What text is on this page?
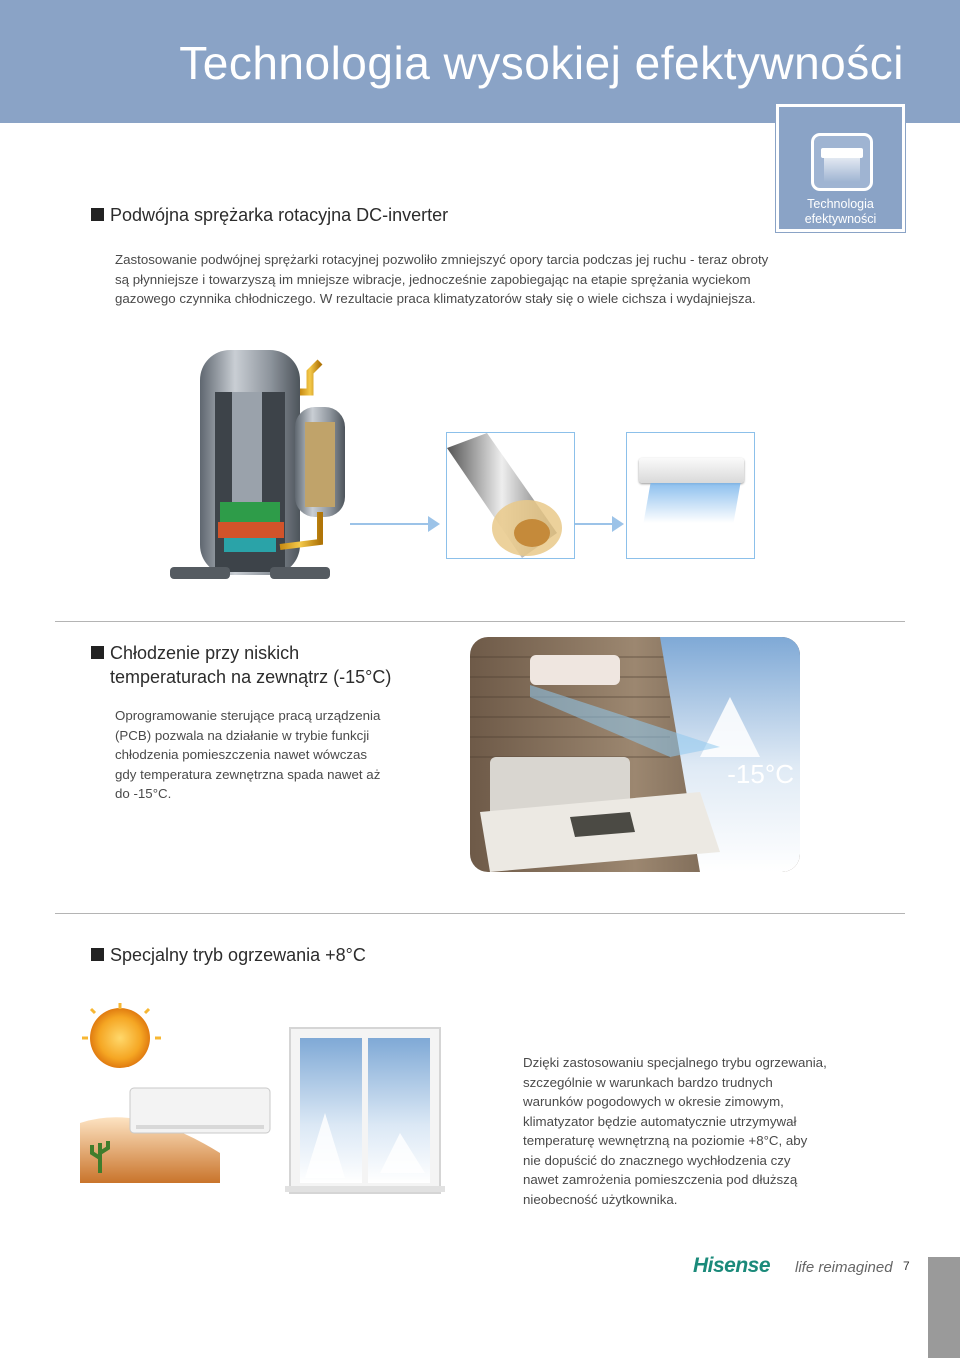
Technologia wysokiej efektywności
Technologia
efektywności
Podwójna sprężarka rotacyjna DC-inverter
Zastosowanie podwójnej sprężarki rotacyjnej pozwoliło zmniejszyć opory tarcia podczas jej ruchu - teraz obroty
są płynniejsze i towarzyszą im mniejsze wibracje, jednocześnie zapobiegając na etapie sprężania wyciekom
gazowego czynnika chłodniczego. W rezultacie praca klimatyzatorów stały się o wiele cichsza i wydajniejsza.
Chłodzenie przy niskich
temperaturach na zewnątrz (-15°C)
Oprogramowanie sterujące pracą urządzenia
(PCB) pozwala na działanie w trybie funkcji
chłodzenia pomieszczenia nawet wówczas
gdy temperatura zewnętrzna spada nawet aż
do -15°C.
-15°C
Specjalny tryb ogrzewania +8°C
Dzięki zastosowaniu specjalnego trybu ogrzewania,
szczególnie w warunkach bardzo trudnych
warunków pogodowych w okresie zimowym,
klimatyzator będzie automatycznie utrzymywał
temperaturę wewnętrzną na poziomie +8°C, aby
nie dopuścić do znacznego wychłodzenia czy
nawet zamrożenia pomieszczenia pod dłuższą
nieobecność użytkownika.
Hisense life reimagined 7
